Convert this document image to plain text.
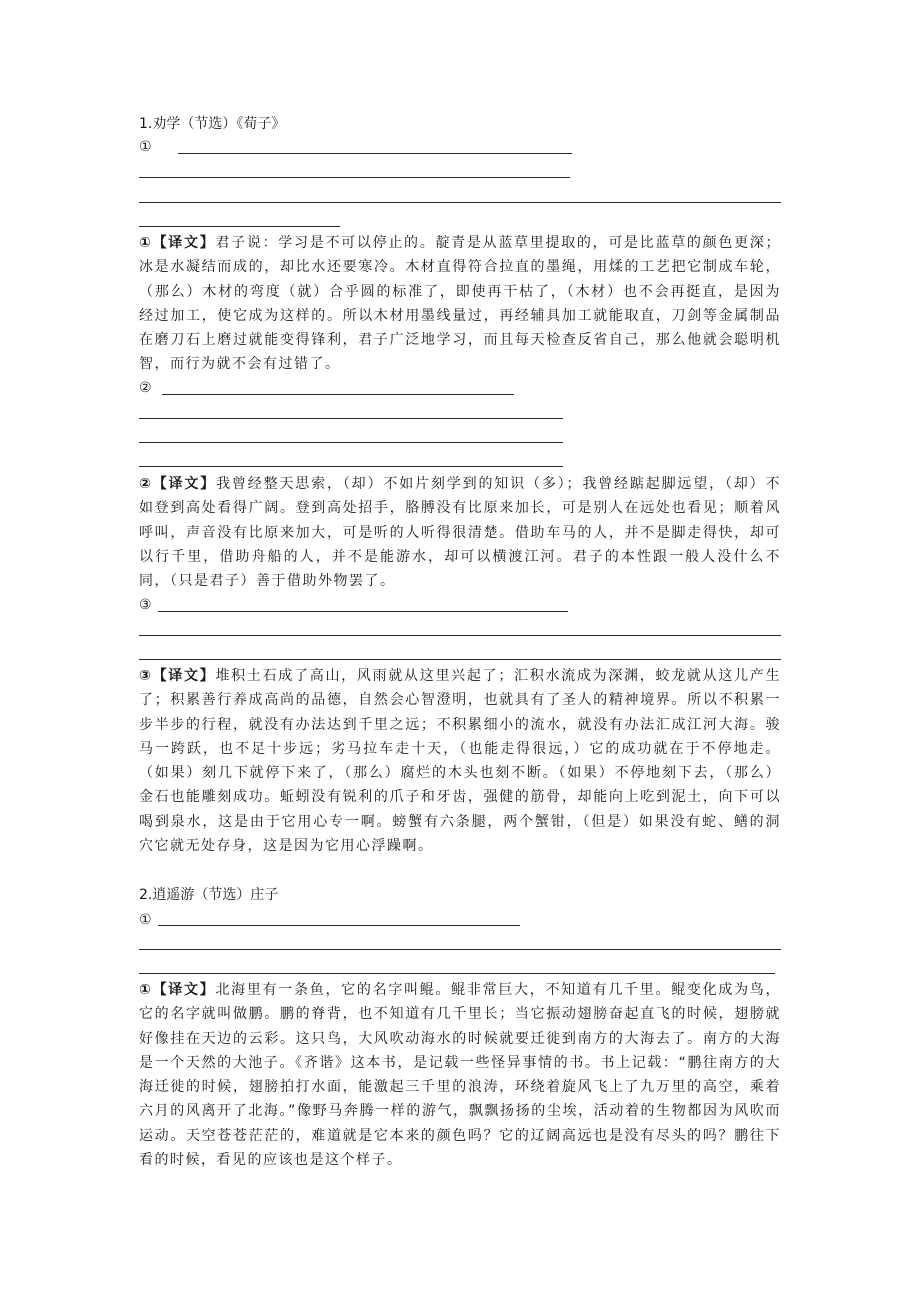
1.劝学（节选）《荀子》
①
①【译文】君子说：学习是不可以停止的。靛青是从蓝草里提取的，可是比蓝草的颜色更深；冰是水凝结而成的，却比水还要寒冷。木材直得符合拉直的墨绳，用煣的工艺把它制成车轮，（那么）木材的弯度（就）合乎圆的标准了，即使再干枯了，（木材）也不会再挺直，是因为经过加工，使它成为这样的。所以木材用墨线量过，再经辅具加工就能取直，刀剑等金属制品在磨刀石上磨过就能变得锋利，君子广泛地学习，而且每天检查反省自己，那么他就会聪明机智，而行为就不会有过错了。
②
②【译文】我曾经整天思索，（却）不如片刻学到的知识（多）；我曾经踮起脚远望，（却）不如登到高处看得广阔。登到高处招手，胳膊没有比原来加长，可是别人在远处也看见；顺着风呼叫，声音没有比原来加大，可是听的人听得很清楚。借助车马的人，并不是脚走得快，却可以行千里，借助舟船的人，并不是能游水，却可以横渡江河。君子的本性跟一般人没什么不同，（只是君子）善于借助外物罢了。
③
③【译文】堆积土石成了高山，风雨就从这里兴起了；汇积水流成为深渊，蛟龙就从这儿产生了；积累善行养成高尚的品德，自然会心智澄明，也就具有了圣人的精神境界。所以不积累一步半步的行程，就没有办法达到千里之远；不积累细小的流水，就没有办法汇成江河大海。骏马一跨跃，也不足十步远；劣马拉车走十天，（也能走得很远，）它的成功就在于不停地走。（如果）刻几下就停下来了，（那么）腐烂的木头也刻不断。（如果）不停地刻下去，（那么）金石也能雕刻成功。蚯蚓没有锐利的爪子和牙齿，强健的筋骨，却能向上吃到泥土，向下可以喝到泉水，这是由于它用心专一啊。螃蟹有六条腿，两个蟹钳，（但是）如果没有蛇、鳝的洞穴它就无处存身，这是因为它用心浮躁啊。
2.逍遥游（节选）庄子
①
①【译文】北海里有一条鱼，它的名字叫鲲。鲲非常巨大，不知道有几千里。鲲变化成为鸟，它的名字就叫做鹏。鹏的脊背，也不知道有几千里长；当它振动翅膀奋起直飞的时候，翅膀就好像挂在天边的云彩。这只鸟，大风吹动海水的时候就要迁徙到南方的大海去了。南方的大海是一个天然的大池子。《齐谐》这本书，是记载一些怪异事情的书。书上记载：“鹏往南方的大海迁徙的时候，翅膀拍打水面，能激起三千里的浪涛，环绕着旋风飞上了九万里的高空，乘着六月的风离开了北海。”像野马奔腾一样的游气，飘飘扬扬的尘埃，活动着的生物都因为风吹而运动。天空苍苍茫茫的，难道就是它本来的颜色吗？它的辽阔高远也是没有尽头的吗？鹏往下看的时候，看见的应该也是这个样子。
